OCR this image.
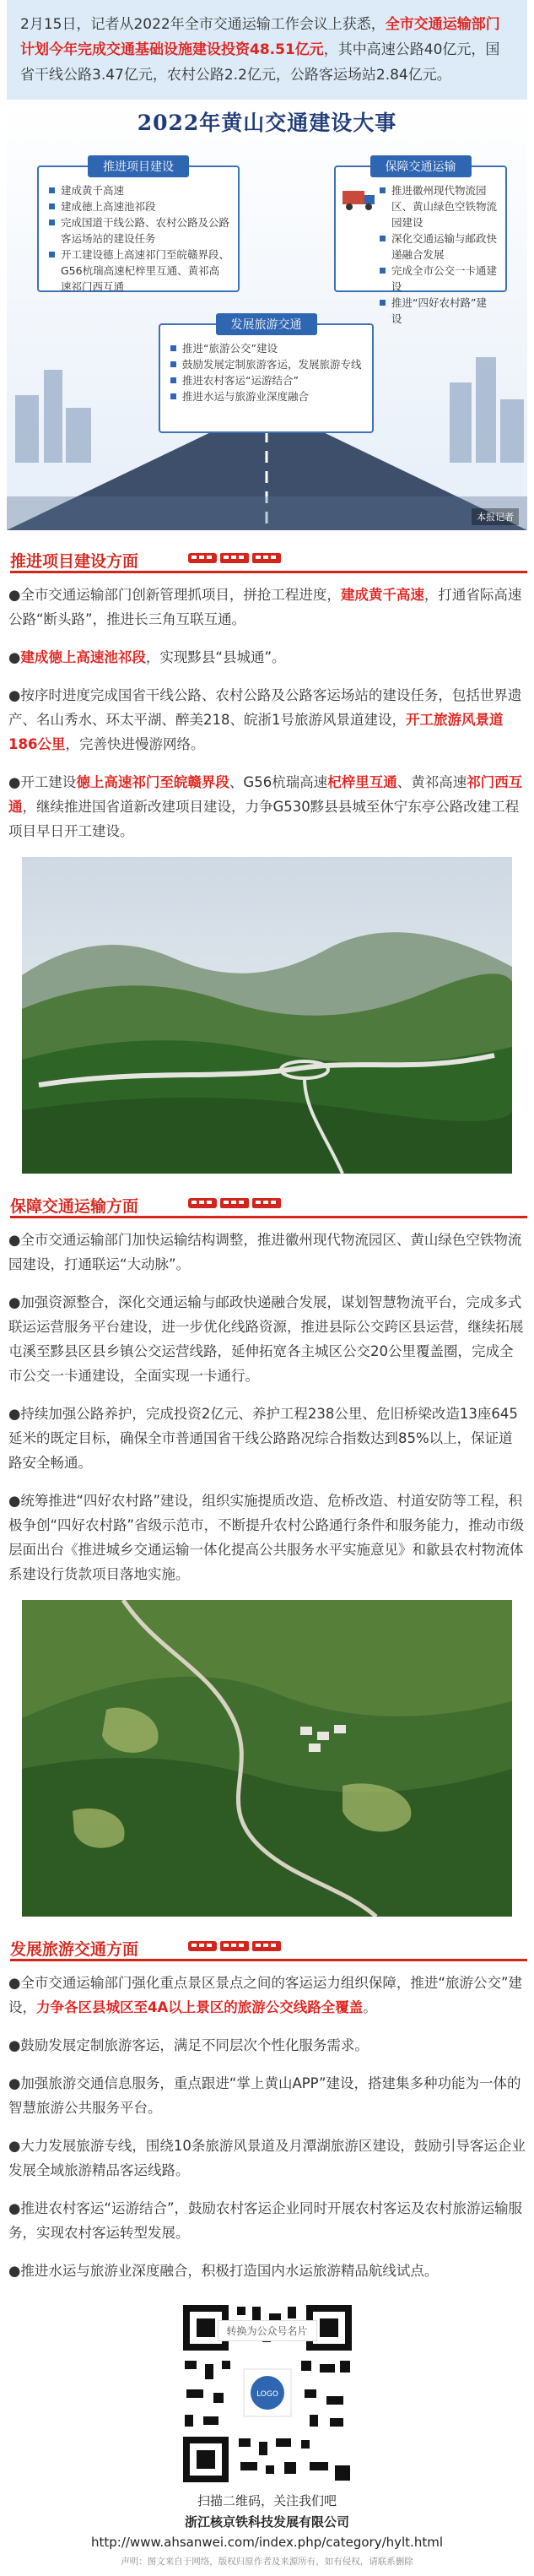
2月15日，记者从2022年全市交通运输工作会议上获悉，全市交通运输部门计划今年完成交通基础设施建设投资48.51亿元，其中高速公路40亿元，国省干线公路3.47亿元，农村公路2.2亿元，公路客运场站2.84亿元。
2022年黄山交通建设大事
推进项目建设
建成黄千高速
建成徳上高速池祁段
完成国道干线公路、农村公路及公路客运场站的建设任务
开工建设德上高速祁门至皖赣界段、G56杭瑞高速杞梓里互通、黄祁高速祁门西互通
保障交通运输
推进徽州现代物流园区、黄山绿色空铁物流园建设
深化交通运输与邮政快递融合发展
完成全市公交一卡通建设
推进“四好农村路”建设
发展旅游交通
推进“旅游公交”建设
鼓励发展定制旅游客运，发展旅游专线
推进农村客运“运游结合”
推进水运与旅游业深度融合
本报记者
推进项目建设方面

●全市交通运输部门创新管理抓项目，拼抢工程进度，建成黄千高速，打通省际高速公路“断头路”，推进长三角互联互通。

●建成徳上高速池祁段，实现黟县“县城通”。

●按序时进度完成国省干线公路、农村公路及公路客运场站的建设任务，包括世界遗产、名山秀水、环太平湖、醉美218、皖浙1号旅游风景道建设，开工旅游风景道186公里，完善快进慢游网络。

●开工建设徳上高速祁门至皖赣界段、G56杭瑞高速杞梓里互通、黄祁高速祁门西互通，继续推进国省道新改建项目建设，力争G530黟县县城至休宁东亭公路改建工程项目早日开工建设。

保障交通运输方面

●全市交通运输部门加快运输结构调整，推进徽州现代物流园区、黄山绿色空铁物流园建设，打通联运“大动脉”。

●加强资源整合，深化交通运输与邮政快递融合发展，谋划智慧物流平台，完成多式联运运营服务平台建设，进一步优化线路资源，推进县际公交跨区县运营，继续拓展屯溪至黟县区县乡镇公交运营线路，延伸拓宽各主城区公交20公里覆盖圈，完成全市公交一卡通建设，全面实现一卡通行。

●持续加强公路养护，完成投资2亿元、养护工程238公里、危旧桥梁改造13座645延米的既定目标，确保全市普通国省干线公路路况综合指数达到85%以上，保证道路安全畅通。

●统筹推进“四好农村路”建设，组织实施提质改造、危桥改造、村道安防等工程，积极争创“四好农村路”省级示范市，不断提升农村公路通行条件和服务能力，推动市级层面出台《推进城乡交通运输一体化提高公共服务水平实施意见》和歙县农村物流体系建设行货款项目落地实施。

发展旅游交通方面

●全市交通运输部门强化重点景区景点之间的客运运力组织保障，推进“旅游公交”建设，力争各区县城区至4A以上景区的旅游公交线路全覆盖。

●鼓励发展定制旅游客运，满足不同层次个性化服务需求。

●加强旅游交通信息服务，重点跟进“掌上黄山APP”建设，搭建集多种功能为一体的智慧旅游公共服务平台。

●大力发展旅游专线，围绕10条旅游风景道及月潭湖旅游区建设，鼓励引导客运企业发展全域旅游精品客运线路。

●推进农村客运“运游结合”，鼓励农村客运企业同时开展农村客运及农村旅游运输服务，实现农村客运转型发展。

●推进水运与旅游业深度融合，积极打造国内水运旅游精品航线试点。

LOGO
转换为公众号名片
扫描二维码，关注我们吧
浙江核京铁科技发展有限公司
http://www.ahsanwei.com/index.php/category/hylt.html
声明：图文来自于网络，版权归原作者及来源所有，如有侵权，请联系删除
